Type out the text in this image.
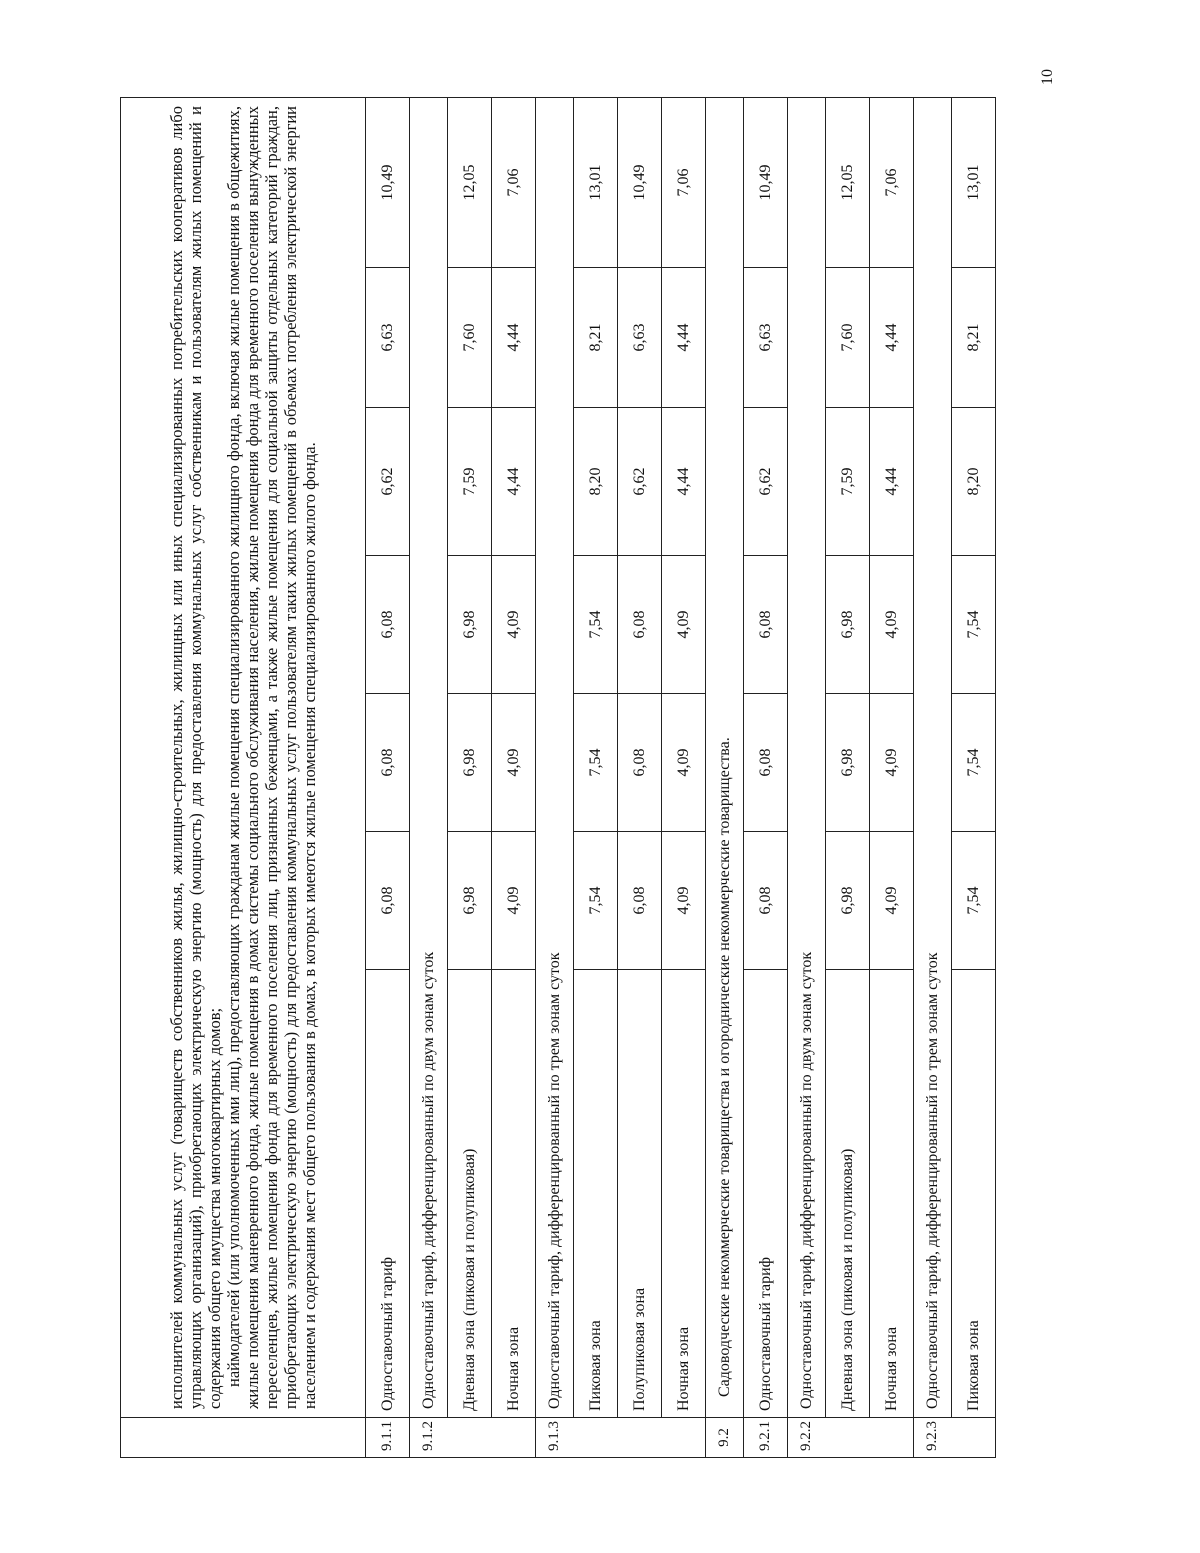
10

	исполнителей коммунальных услуг (товариществ собственников жилья, жилищно-строительных, жилищных или иных специализированных потребительских кооперативов либо управляющих организаций), приобретающих электрическую энергию (мощность) для предоставления коммунальных услуг собственникам и пользователям жилых помещений и содержания общего имущества многоквартирных домов; наймодателей (или уполномоченных ими лиц), предоставляющих гражданам жилые помещения специализированного жилищного фонда, включая жилые помещения в общежитиях, жилые помещения маневренного фонда, жилые помещения в домах системы социального обслуживания населения, жилые помещения фонда для временного поселения вынужденных переселенцев, жилые помещения фонда для временного поселения лиц, признанных беженцами, а также жилые помещения для социальной защиты отдельных категорий граждан, приобретающих электрическую энергию (мощность) для предоставления коммунальных услуг пользователям таких жилых помещений в объемах потребления электрической энергии населением и содержания мест общего пользования в домах, в которых имеются жилые помещения специализированного жилого фонда.						

9.1.1	Одноставочный тариф	6,08	6,08	6,08	6,62	6,63	10,49
9.1.2	Одноставочный тариф, дифференцированный по двум зонам суток						
	Дневная зона (пиковая и полупиковая)	6,98	6,98	6,98	7,59	7,60	12,05
	Ночная зона	4,09	4,09	4,09	4,44	4,44	7,06
9.1.3	Одноставочный тариф, дифференцированный по трем зонам суток						
	Пиковая зона	7,54	7,54	7,54	8,20	8,21	13,01
	Полупиковая зона	6,08	6,08	6,08	6,62	6,63	10,49
	Ночная зона	4,09	4,09	4,09	4,44	4,44	7,06
9.2	Садоводческие некоммерческие товарищества и огороднические некоммерческие товарищества.						
9.2.1	Одноставочный тариф	6,08	6,08	6,08	6,62	6,63	10,49
9.2.2	Одноставочный тариф, дифференцированный по двум зонам суток						
	Дневная зона (пиковая и полупиковая)	6,98	6,98	6,98	7,59	7,60	12,05
	Ночная зона	4,09	4,09	4,09	4,44	4,44	7,06
9.2.3	Одноставочный тариф, дифференцированный по трем зонам суток						
	Пиковая зона	7,54	7,54	7,54	8,20	8,21	13,01
